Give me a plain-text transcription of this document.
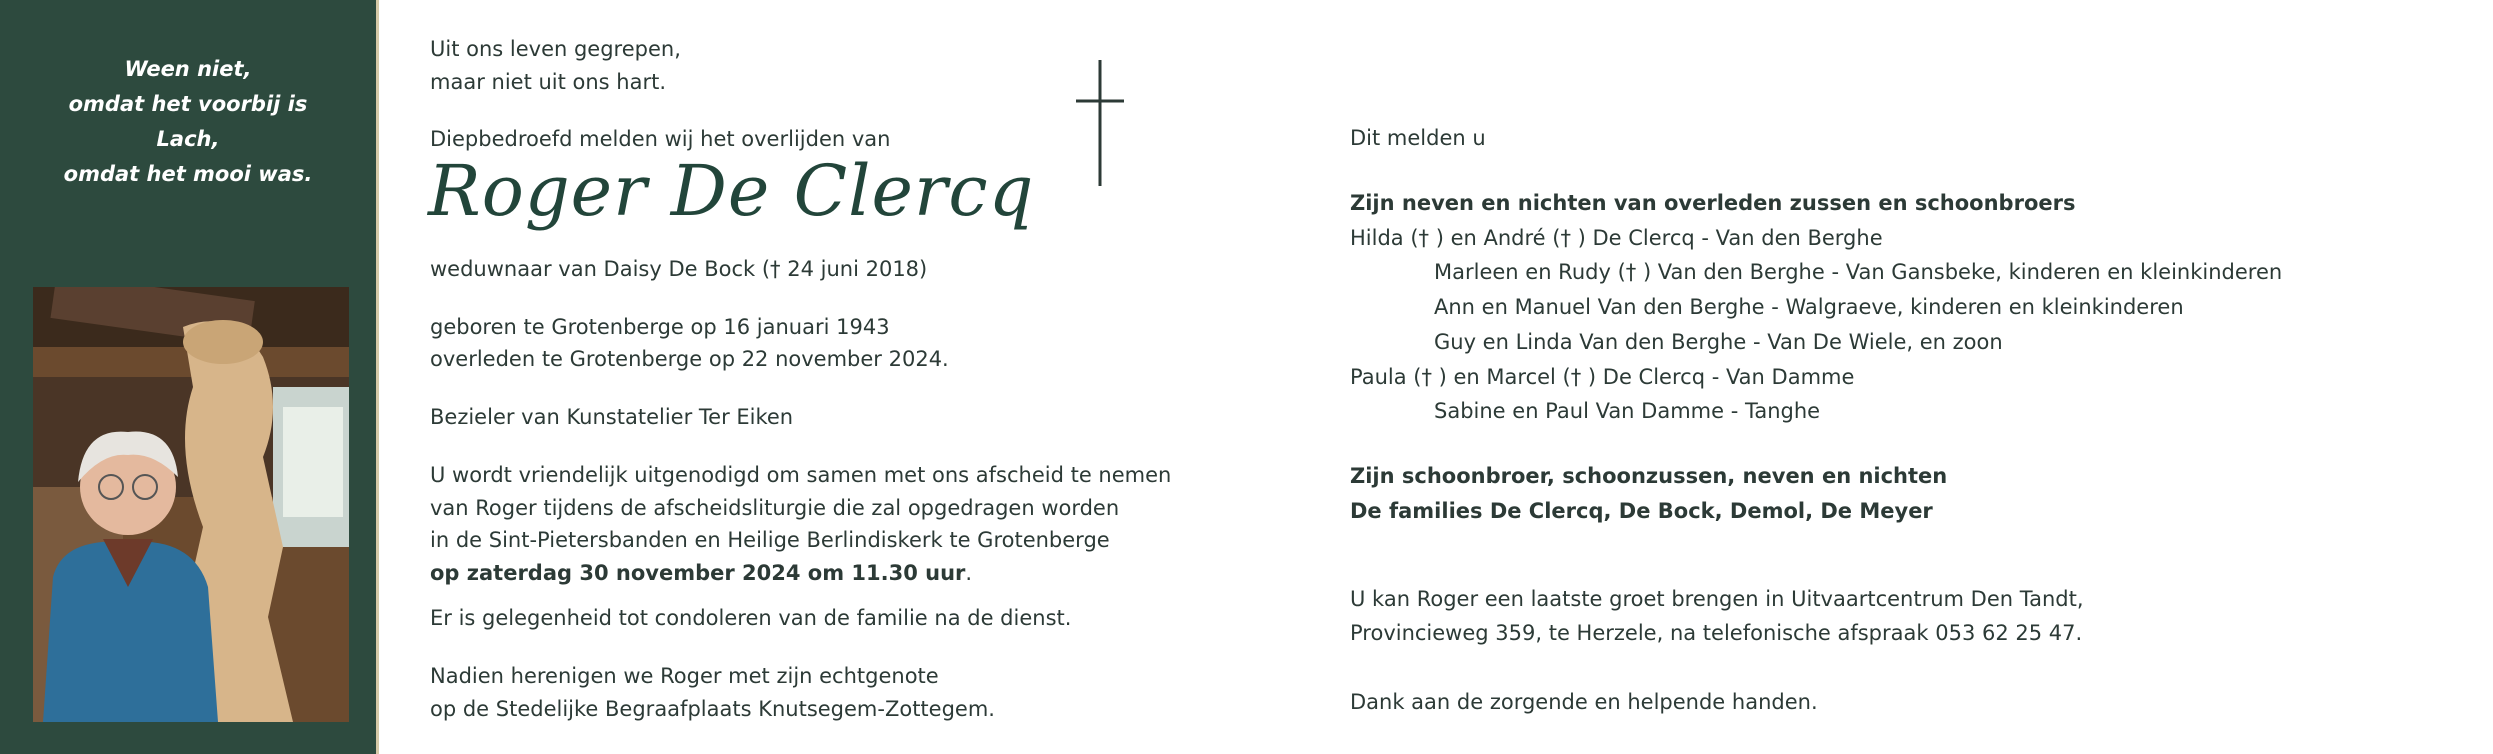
Ween niet,
omdat het voorbij is
Lach,
omdat het mooi was.
Uit ons leven gegrepen,
maar niet uit ons hart.
Diepbedroefd melden wij het overlijden van
Roger De Clercq
weduwnaar van Daisy De Bock († 24 juni 2018)
geboren te Grotenberge op 16 januari 1943
overleden te Grotenberge op 22 november 2024.
Bezieler van Kunstatelier Ter Eiken
U wordt vriendelijk uitgenodigd om samen met ons afscheid te nemen
van Roger tijdens de afscheidsliturgie die zal opgedragen worden
in de Sint-Pietersbanden en Heilige Berlindiskerk te Grotenberge
op zaterdag 30 november 2024 om 11.30 uur.
Er is gelegenheid tot condoleren van de familie na de dienst.
Nadien herenigen we Roger met zijn echtgenote
op de Stedelijke Begraafplaats Knutsegem-Zottegem.
Dit melden u
Zijn neven en nichten van overleden zussen en schoonbroers
Hilda († ) en André († ) De Clercq - Van den Berghe
Marleen en Rudy († ) Van den Berghe - Van Gansbeke, kinderen en kleinkinderen
Ann en Manuel Van den Berghe - Walgraeve, kinderen en kleinkinderen
Guy en Linda Van den Berghe - Van De Wiele, en zoon
Paula († ) en Marcel († ) De Clercq - Van Damme
Sabine en Paul Van Damme - Tanghe
Zijn schoonbroer, schoonzussen, neven en nichten
De families De Clercq, De Bock, Demol, De Meyer
U kan Roger een laatste groet brengen in Uitvaartcentrum Den Tandt,
Provincieweg 359, te Herzele, na telefonische afspraak 053 62 25 47.
Dank aan de zorgende en helpende handen.
